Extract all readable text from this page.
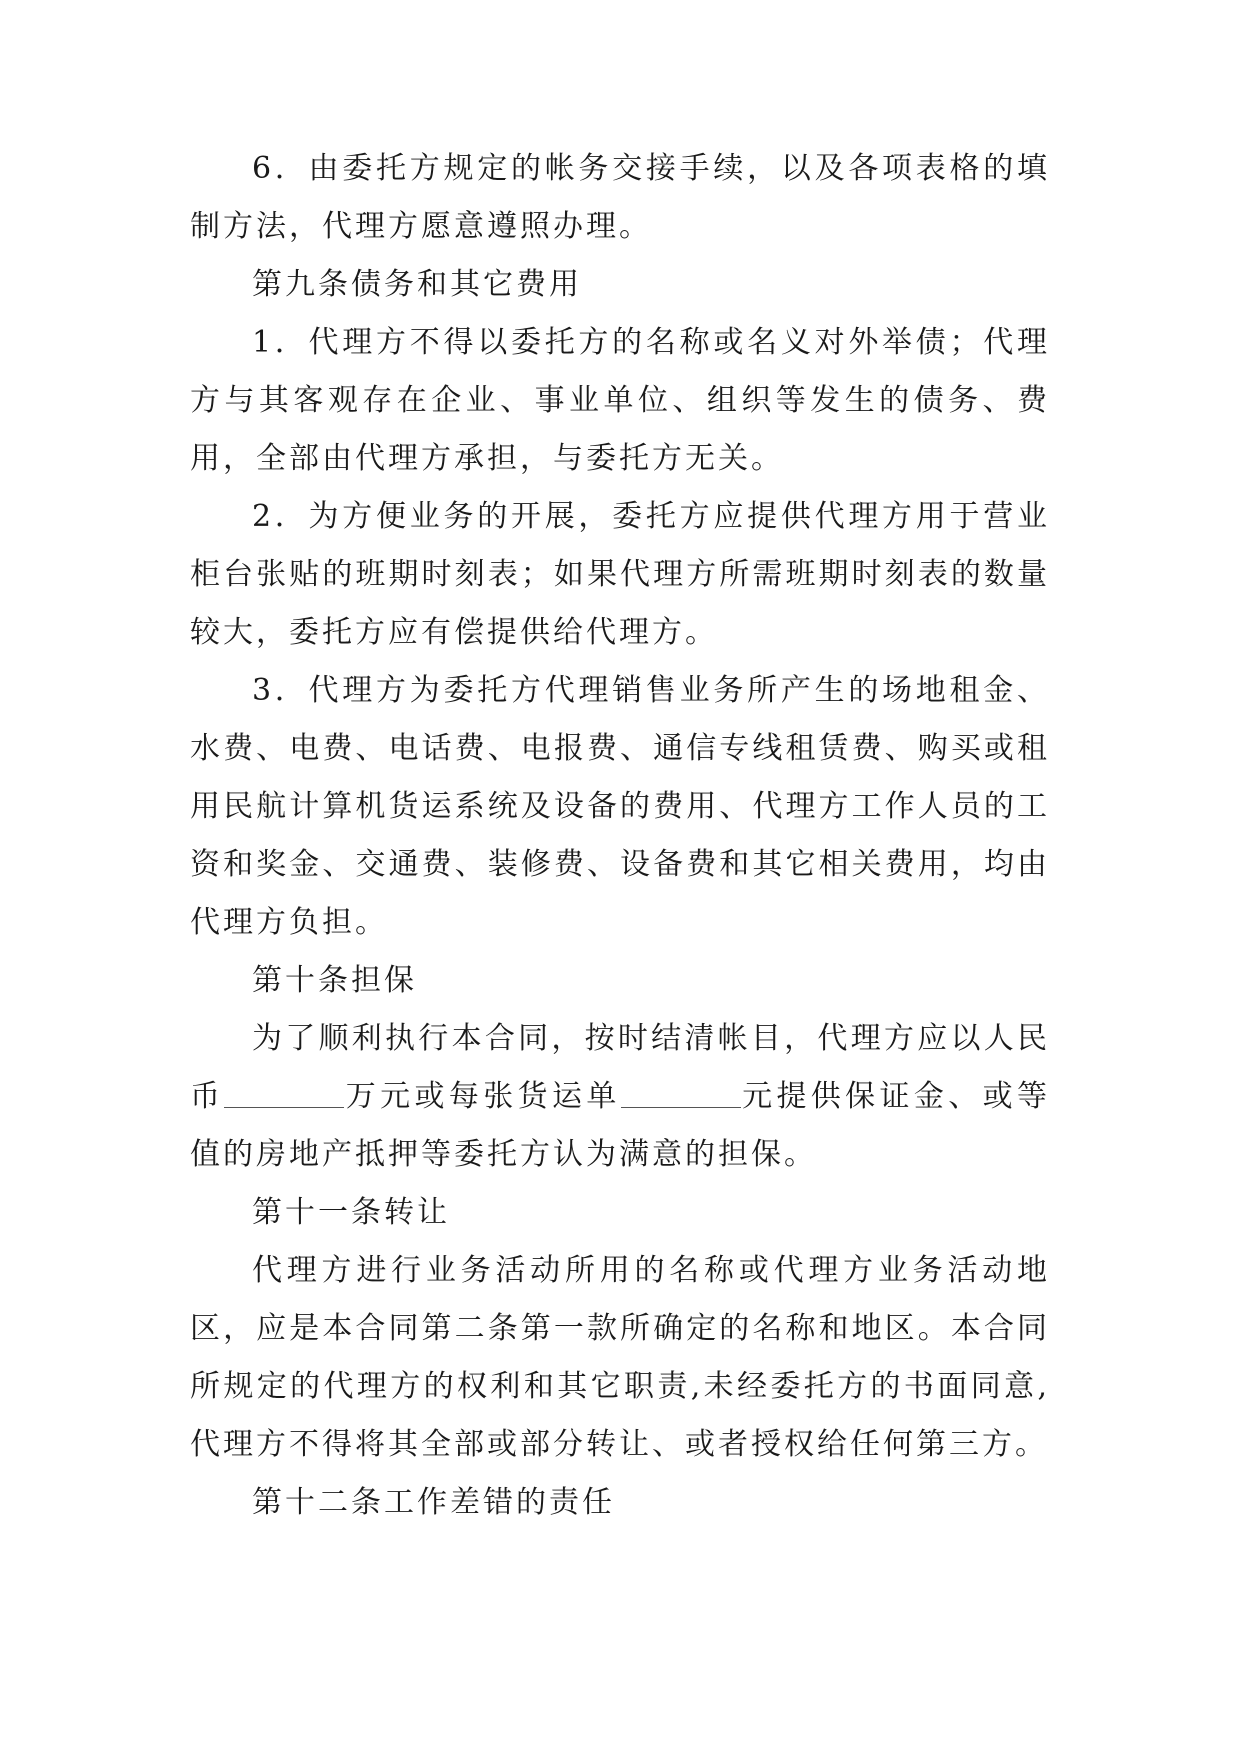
6．由委托方规定的帐务交接手续，以及各项表格的填制方法，代理方愿意遵照办理。

第九条债务和其它费用

1．代理方不得以委托方的名称或名义对外举债；代理方与其客观存在企业、事业单位、组织等发生的债务、费用，全部由代理方承担，与委托方无关。

2．为方便业务的开展，委托方应提供代理方用于营业柜台张贴的班期时刻表；如果代理方所需班期时刻表的数量较大，委托方应有偿提供给代理方。

3．代理方为委托方代理销售业务所产生的场地租金、水费、电费、电话费、电报费、通信专线租赁费、购买或租用民航计算机货运系统及设备的费用、代理方工作人员的工资和奖金、交通费、装修费、设备费和其它相关费用，均由代理方负担。

第十条担保

为了顺利执行本合同，按时结清帐目，代理方应以人民币	万元或每张货运单	元提供保证金、或等值的房地产抵押等委托方认为满意的担保。

第十一条转让

代理方进行业务活动所用的名称或代理方业务活动地区，应是本合同第二条第一款所确定的名称和地区。本合同所规定的代理方的权利和其它职责,未经委托方的书面同意,代理方不得将其全部或部分转让、或者授权给任何第三方。

第十二条工作差错的责任
